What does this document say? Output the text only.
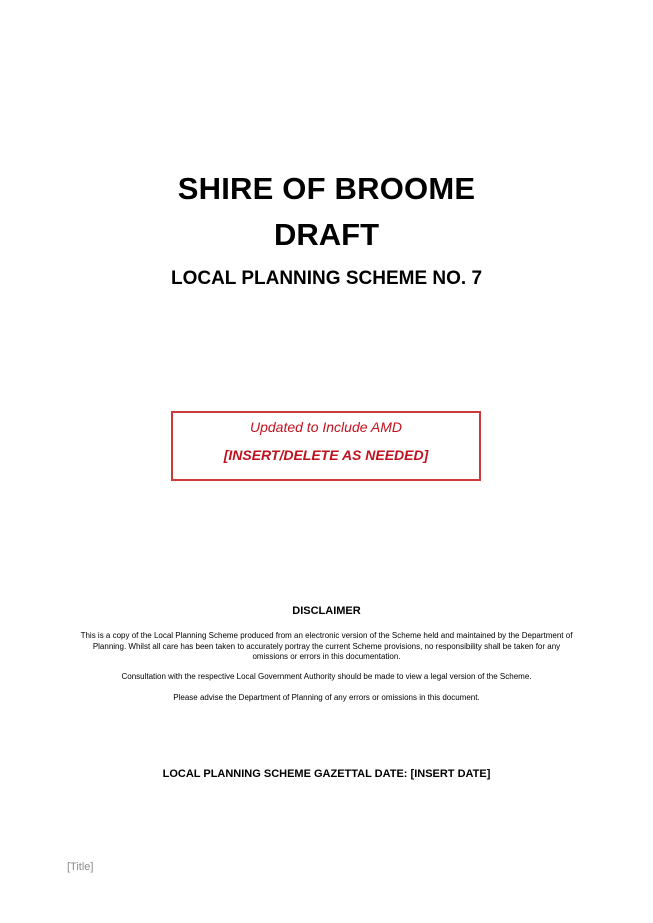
SHIRE OF BROOME
DRAFT
LOCAL PLANNING SCHEME NO. 7
Updated to Include AMD
[INSERT/DELETE AS NEEDED]
DISCLAIMER

This is a copy of the Local Planning Scheme produced from an electronic version of the Scheme held and maintained by the Department of Planning. Whilst all care has been taken to accurately portray the current Scheme provisions, no responsibility shall be taken for any omissions or errors in this documentation.

Consultation with the respective Local Government Authority should be made to view a legal version of the Scheme.

Please advise the Department of Planning of any errors or omissions in this document.

LOCAL PLANNING SCHEME GAZETTAL DATE: [INSERT DATE]
[Title]
